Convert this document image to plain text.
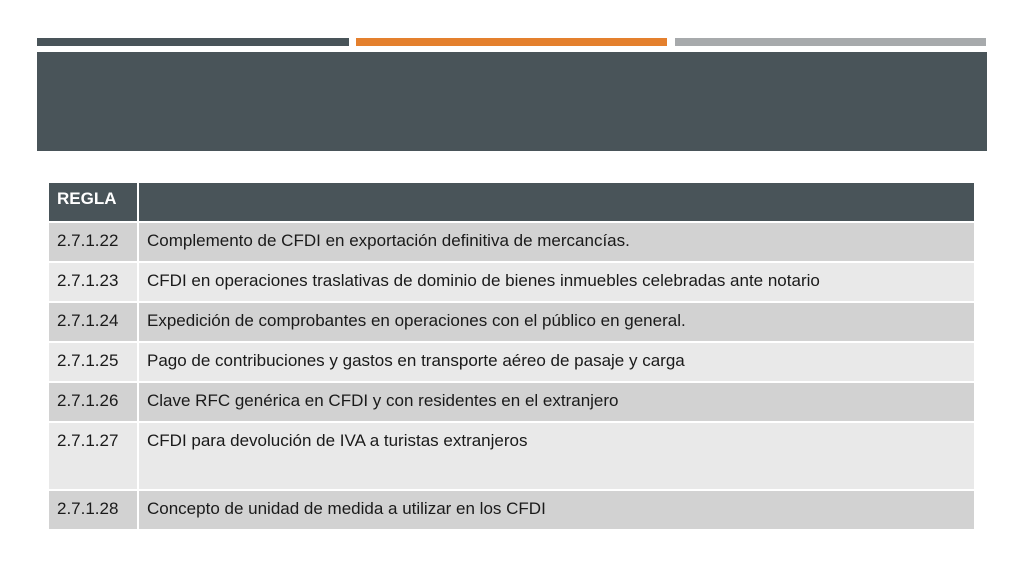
REGLA	
2.7.1.22	Complemento de CFDI en exportación definitiva de mercancías.
2.7.1.23	CFDI en operaciones traslativas de dominio de bienes inmuebles celebradas ante notario
2.7.1.24	Expedición de comprobantes en operaciones con el público en general.
2.7.1.25	Pago de contribuciones y gastos en transporte aéreo de pasaje y carga
2.7.1.26	Clave RFC genérica en CFDI y con residentes en el extranjero
2.7.1.27	CFDI para devolución de IVA a turistas extranjeros
2.7.1.28	Concepto de unidad de medida a utilizar en los CFDI
